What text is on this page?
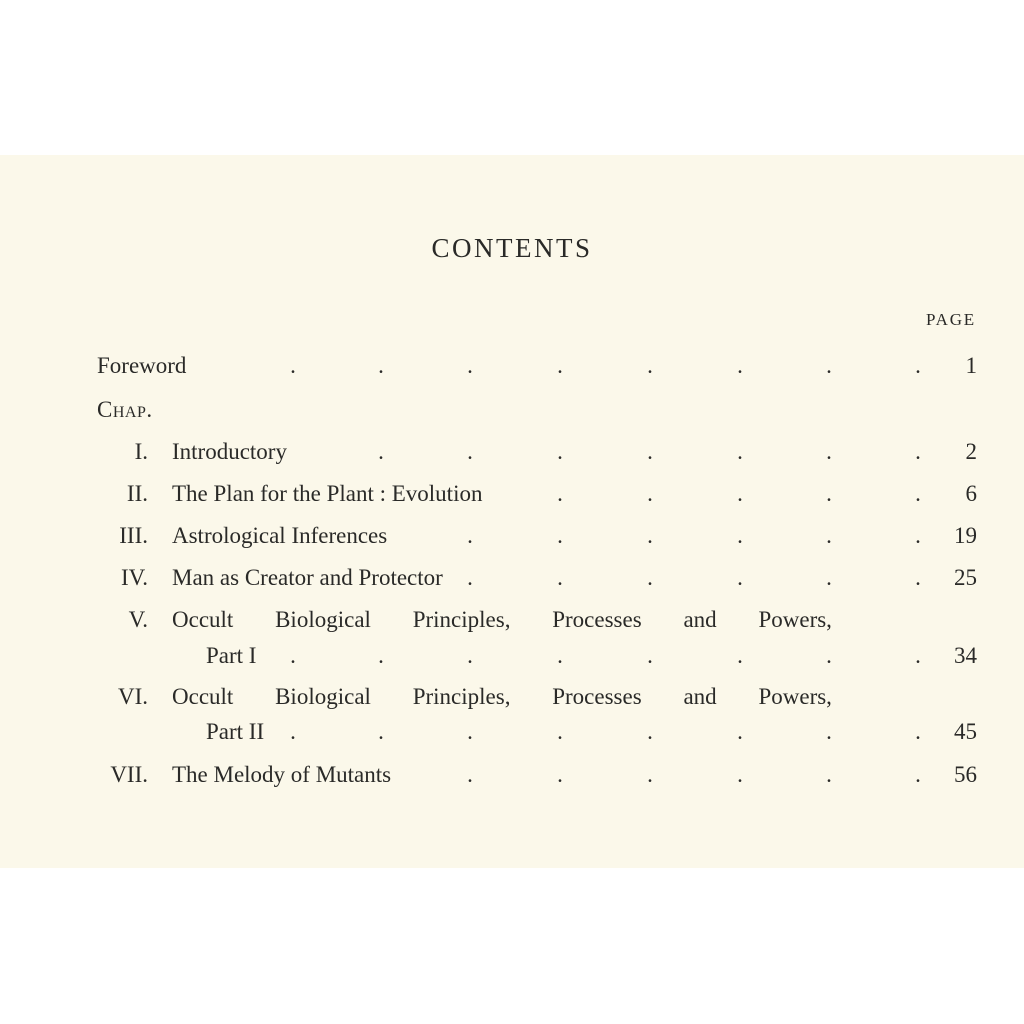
CONTENTS
PAGE
Foreword	1
.	.	.	.	.	.	.	.
Chap.
I. Introductory	2
.	.	.	.	.	.	.
II. The Plan for the Plant : Evolution	6
.	.	.	.	.
III. Astrological Inferences	19
.	.	.	.	.	.
IV. Man as Creator and Protector	25
.	.	.	.	.	.
V. Occult Biological Principles, Processes and Powers,
Part I	34
.	.	.	.	.	.	.	.
VI. Occult Biological Principles, Processes and Powers,
Part II	45
.	.	.	.	.	.	.	.
VII. The Melody of Mutants	56
.	.	.	.	.	.
